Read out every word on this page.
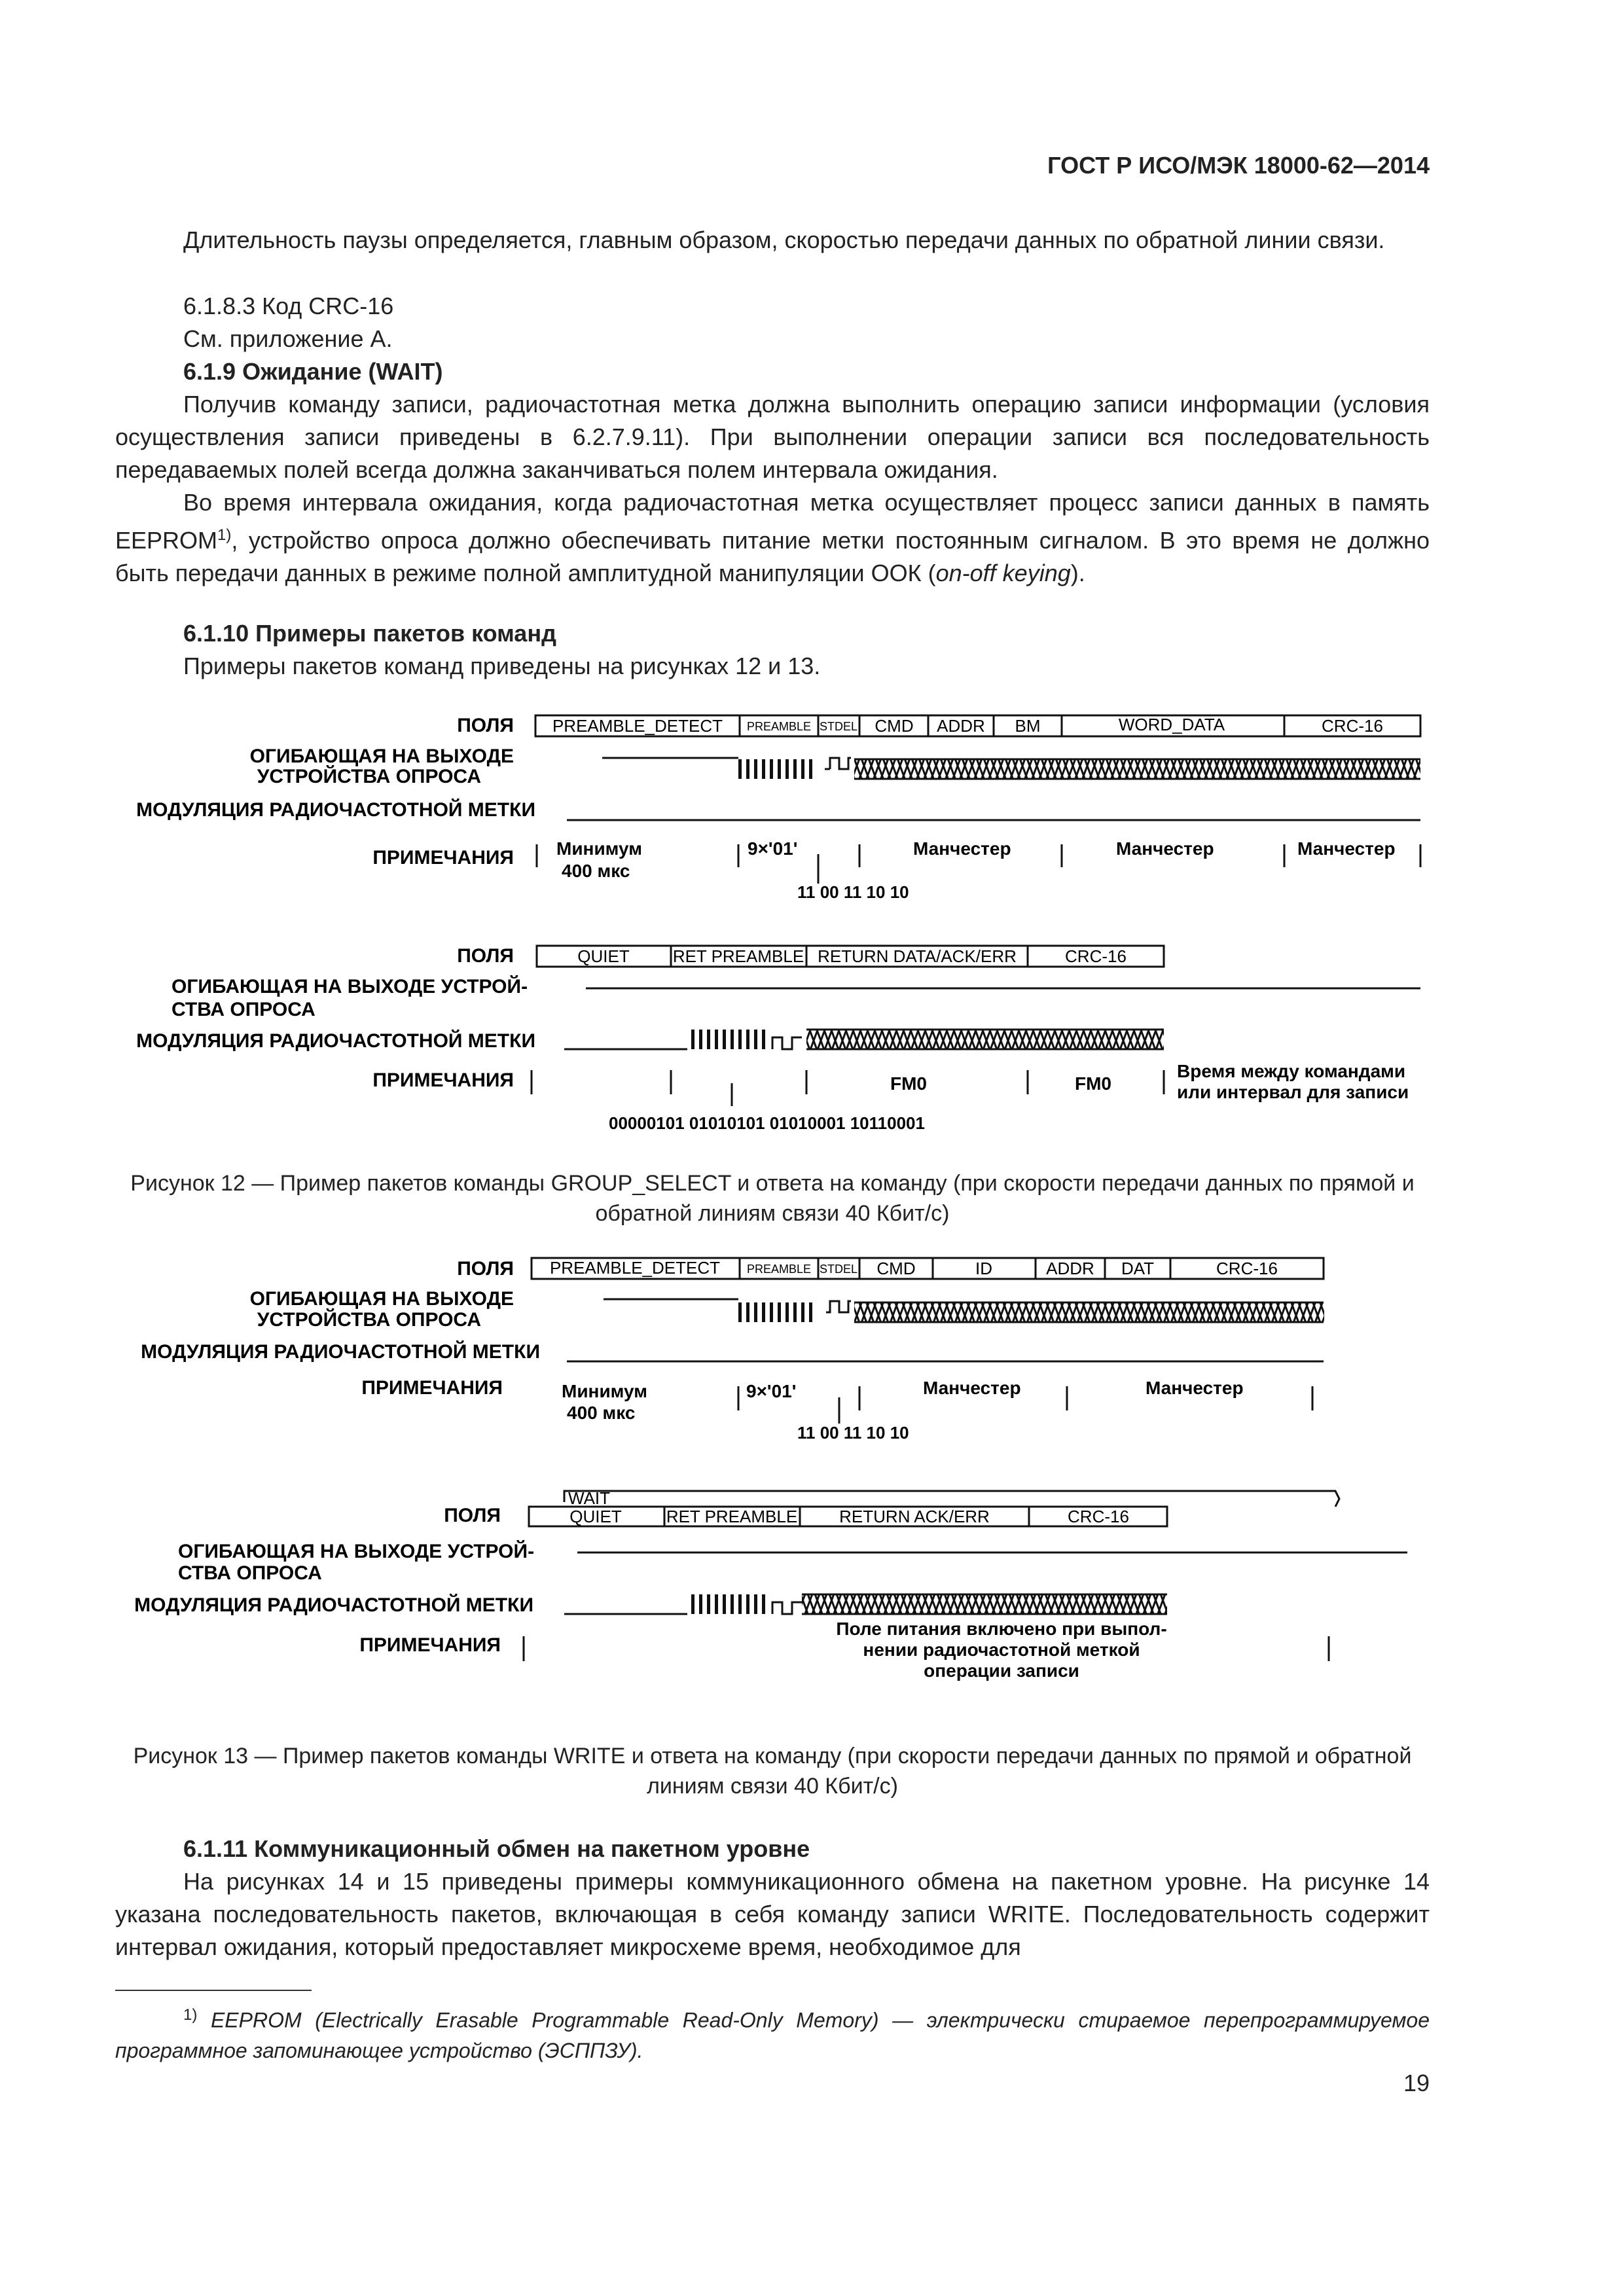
ГОСТ Р ИСО/МЭК 18000-62—2014
Длительность паузы определяется, главным образом, скоростью передачи данных по обратной линии связи.
6.1.8.3 Код CRC-16
См. приложение А.
6.1.9 Ожидание (WAIT)
Получив команду записи, радиочастотная метка должна выполнить операцию записи информации (условия осуществления записи приведены в 6.2.7.9.11). При выполнении операции записи вся последовательность передаваемых полей всегда должна заканчиваться полем интервала ожидания.
Во время интервала ожидания, когда радиочастотная метка осуществляет процесс записи данных в память EEPROM$^{1)}$, устройство опроса должно обеспечивать питание метки постоянным сигналом. В это время не должно быть передачи данных в режиме полной амплитудной манипуляции ООК (on-off keying).
6.1.10 Примеры пакетов команд
Примеры пакетов команд приведены на рисунках 12 и 13.
ПОЛЯ
ОГИБАЮЩАЯ НА ВЫХОДЕ
УСТРОЙСТВА ОПРОСА
МОДУЛЯЦИЯ РАДИОЧАСТОТНОЙ МЕТКИ
ПРИМЕЧАНИЯ
PREAMBLE_DETECT PREAMBLE STDEL CMD ADDR BM	WORD_DATA	CRC-16
Минимум
400 мкс
9×'01'
11 00 11 10 10
Манчестер	Манчестер	Манчестер
ПОЛЯ
ОГИБАЮЩАЯ НА ВЫХОДЕ УСТРОЙ-
СТВА ОПРОСА
МОДУЛЯЦИЯ РАДИОЧАСТОТНОЙ МЕТКИ
ПРИМЕЧАНИЯ
QUIET	RET PREAMBLE RETURN DATA/ACK/ERR	CRC-16
FM0	FM0
Время между командами
или интервал для записи
00000101 01010101 01010001 10110001
Рисунок 12 — Пример пакетов команды GROUP_SELECT и ответа на команду (при скорости передачи данных по прямой и обратной линиям связи 40 Кбит/с)
ПОЛЯ
ОГИБАЮЩАЯ НА ВЫХОДЕ
УСТРОЙСТВА ОПРОСА
МОДУЛЯЦИЯ РАДИОЧАСТОТНОЙ МЕТКИ
ПРИМЕЧАНИЯ
PREAMBLE_DETECT PREAMBLE STDEL CMD	ID	ADDR DAT	CRC-16
Минимум
400 мкс
9×'01'
11 00 11 10 10
Манчестер	Манчестер
WAIT
ПОЛЯ	QUIET	RET PREAMBLE RETURN ACK/ERR	CRC-16
ОГИБАЮЩАЯ НА ВЫХОДЕ УСТРОЙ-
СТВА ОПРОСА
МОДУЛЯЦИЯ РАДИОЧАСТОТНОЙ МЕТКИ
ПРИМЕЧАНИЯ
Поле питания включено при выпол-
нении радиочастотной меткой
операции записи
Рисунок 13 — Пример пакетов команды WRITE и ответа на команду (при скорости передачи данных по прямой и обратной линиям связи 40 Кбит/с)
6.1.11 Коммуникационный обмен на пакетном уровне
На рисунках 14 и 15 приведены примеры коммуникационного обмена на пакетном уровне. На рисунке 14 указана последовательность пакетов, включающая в себя команду записи WRITE. Последовательность содержит интервал ожидания, который предоставляет микросхеме время, необходимое для
$^{1)}$ EEPROM (Electrically Erasable Programmable Read-Only Memory) — электрически стираемое перепрограммируемое программное запоминающее устройство (ЭСППЗУ).
19
